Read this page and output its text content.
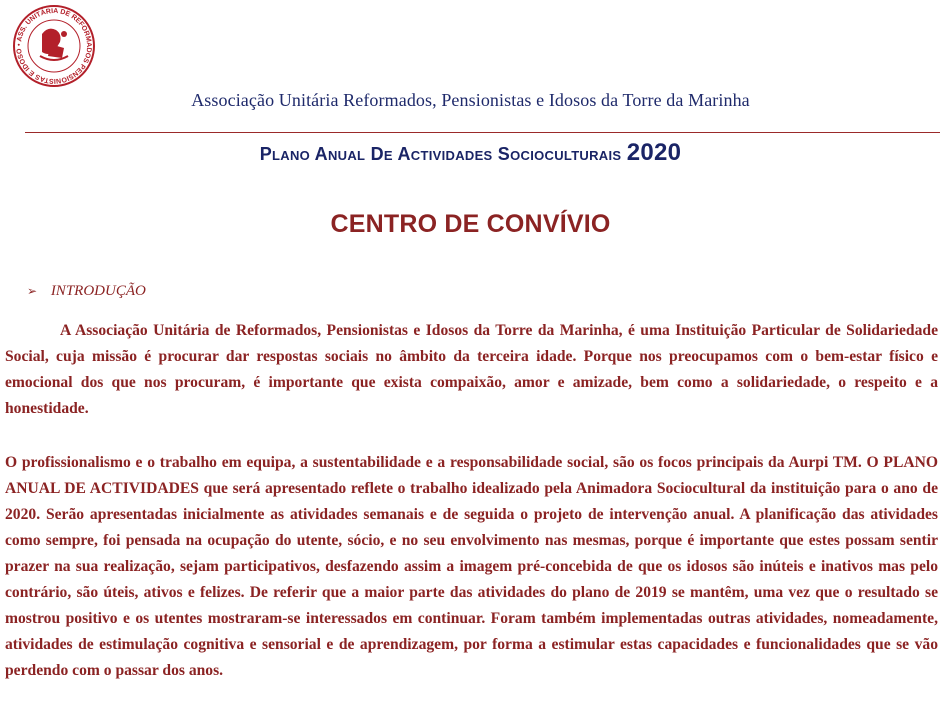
• ASS. UNITÁRIA DE REFORMADOS PENSIONISTAS E IDOSO
Associação Unitária Reformados, Pensionistas e Idosos da Torre da Marinha
Plano Anual De Actividades Socioculturais 2020
CENTRO DE CONVÍVIO
➢ INTRODUÇÃO

A Associação Unitária de Reformados, Pensionistas e Idosos da Torre da Marinha, é uma Instituição Particular de Solidariedade Social, cuja missão é procurar dar respostas sociais no âmbito da terceira idade. Porque nos preocupamos com o bem-estar físico e emocional dos que nos procuram, é importante que exista compaixão, amor e amizade, bem como a solidariedade, o respeito e a honestidade.

O profissionalismo e o trabalho em equipa, a sustentabilidade e a responsabilidade social, são os focos principais da Aurpi TM. O PLANO ANUAL DE ACTIVIDADES que será apresentado reflete o trabalho idealizado pela Animadora Sociocultural da instituição para o ano de 2020. Serão apresentadas inicialmente as atividades semanais e de seguida o projeto de intervenção anual. A planificação das atividades como sempre, foi pensada na ocupação do utente, sócio, e no seu envolvimento nas mesmas, porque é importante que estes possam sentir prazer na sua realização, sejam participativos, desfazendo assim a imagem pré-concebida de que os idosos são inúteis e inativos mas pelo contrário, são úteis, ativos e felizes. De referir que a maior parte das atividades do plano de 2019 se mantêm, uma vez que o resultado se mostrou positivo e os utentes mostraram-se interessados em continuar. Foram também implementadas outras atividades, nomeadamente, atividades de estimulação cognitiva e sensorial e de aprendizagem, por forma a estimular estas capacidades e funcionalidades que se vão perdendo com o passar dos anos.
